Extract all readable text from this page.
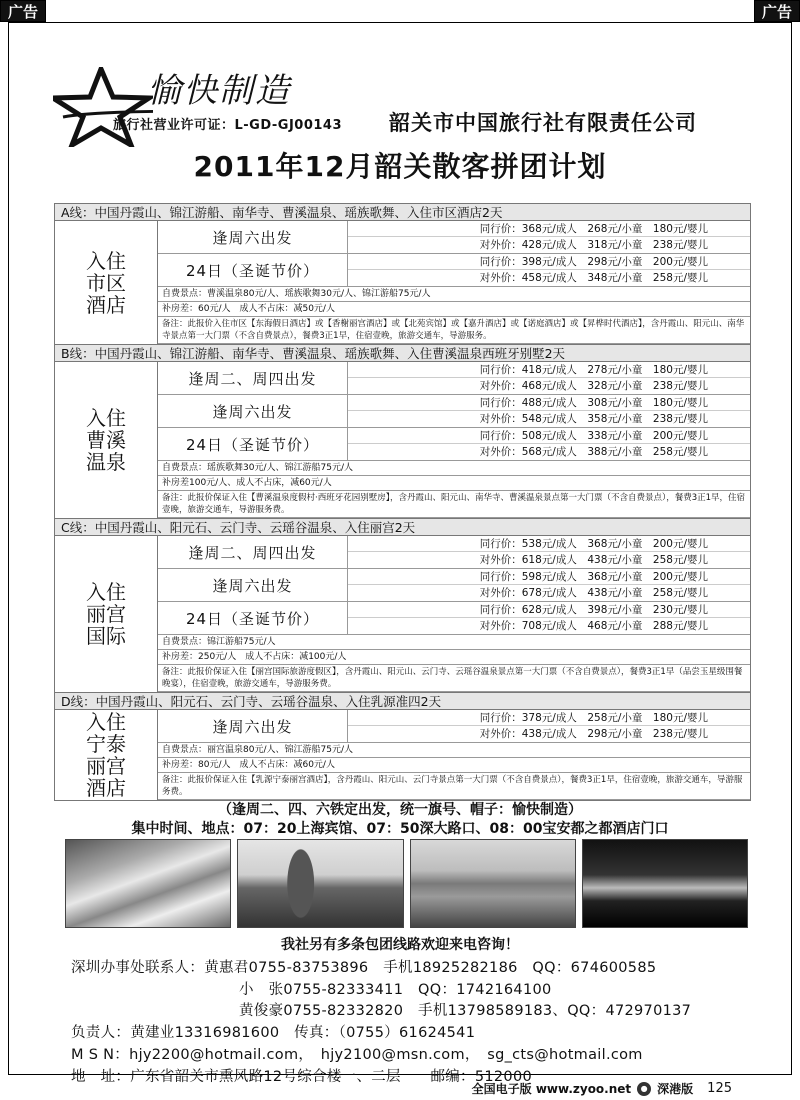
广告	广告
愉快制造
旅行社营业许可证：L-GD-GJ00143 韶关市中国旅行社有限责任公司
2011年12月韶关散客拼团计划
A线：中国丹霞山、锦江游船、南华寺、曹溪温泉、瑶族歌舞、入住市区酒店2天
入住
市区
酒店
逢周六出发	同行价：368元/成人　268元/小童　180元/婴儿
对外价：428元/成人　318元/小童　238元/婴儿
24日（圣诞节价）	同行价：398元/成人　298元/小童　200元/婴儿
对外价：458元/成人　348元/小童　258元/婴儿
自费景点：曹溪温泉80元/人、瑶族歌舞30元/人、锦江游船75元/人
补房差：60元/人　成人不占床：减50元/人
备注：此报价入住市区【东海假日酒店】或【香榭丽宫酒店】或【北苑宾馆】或【嘉升酒店】或【诺庭酒店】或【昇桦时代酒店】，含丹霞山、阳元山、南华寺景点第一大门票（不含自费景点），餐费3正1早，住宿壹晚，旅游交通车，导游服务。
B线：中国丹霞山、锦江游船、南华寺、曹溪温泉、瑶族歌舞、入住曹溪温泉西班牙别墅2天
入住
曹溪
温泉
逢周二、周四出发	同行价：418元/成人　278元/小童　180元/婴儿
对外价：468元/成人　328元/小童　238元/婴儿
逢周六出发	同行价：488元/成人　308元/小童　180元/婴儿
对外价：548元/成人　358元/小童　238元/婴儿
24日（圣诞节价）	同行价：508元/成人　338元/小童　200元/婴儿
对外价：568元/成人　388元/小童　258元/婴儿
自费景点：瑶族歌舞30元/人、锦江游船75元/人
补房差100元/人、成人不占床，减60元/人
备注：此报价保证入住【曹溪温泉度假村·西班牙花园别墅房】，含丹霞山、阳元山、南华寺、曹溪温泉景点第一大门票（不含自费景点），餐费3正1早，住宿壹晚，旅游交通车，导游服务费。
C线：中国丹霞山、阳元石、云门寺、云瑶谷温泉、入住丽宫2天
入住
丽宫
国际
逢周二、周四出发	同行价：538元/成人　368元/小童　200元/婴儿
对外价：618元/成人　438元/小童　258元/婴儿
逢周六出发	同行价：598元/成人　368元/小童　200元/婴儿
对外价：678元/成人　438元/小童　258元/婴儿
24日（圣诞节价）	同行价：628元/成人　398元/小童　230元/婴儿
对外价：708元/成人　468元/小童　288元/婴儿
自费景点：锦江游船75元/人
补房差：250元/人　成人不占床：减100元/人
备注：此报价保证入住【丽宫国际旅游度假区】，含丹霞山、阳元山、云门寺、云瑶谷温泉景点第一大门票（不含自费景点），餐费3正1早（品尝玉星级围餐晚宴），住宿壹晚，旅游交通车，导游服务费。
D线：中国丹霞山、阳元石、云门寺、云瑶谷温泉、入住乳源准四2天
入住
宁泰
丽宫
酒店
逢周六出发	同行价：378元/成人　258元/小童　180元/婴儿
对外价：438元/成人　298元/小童　238元/婴儿
自费景点：丽宫温泉80元/人、锦江游船75元/人
补房差：80元/人　成人不占床：减60元/人
备注：此报价保证入住【乳源宁泰丽宫酒店】，含丹霞山、阳元山、云门寺景点第一大门票（不含自费景点），餐费3正1早，住宿壹晚，旅游交通车，导游服务费。
（逢周二、四、六铁定出发，统一旗号、帽子：愉快制造）
集中时间、地点：07：20上海宾馆、07：50深大路口、08：00宝安都之都酒店门口
我社另有多条包团线路欢迎来电咨询！
深圳办事处联系人：黄惠君0755-83753896　手机18925282186　QQ：674600585
小　张0755-82333411　QQ：1742164100
黄俊豪0755-82332820　手机13798589183、QQ：472970137
负责人：黄建业13316981600　传真：（0755）61624541
M S N：hjy2200@hotmail.com，　hjy2100@msn.com，　sg_cts@hotmail.com
地　址：广东省韶关市熏风路12号综合楼一、二层　　邮编：512000
全国电子版 www.zyoo.net	● 深港版 125
